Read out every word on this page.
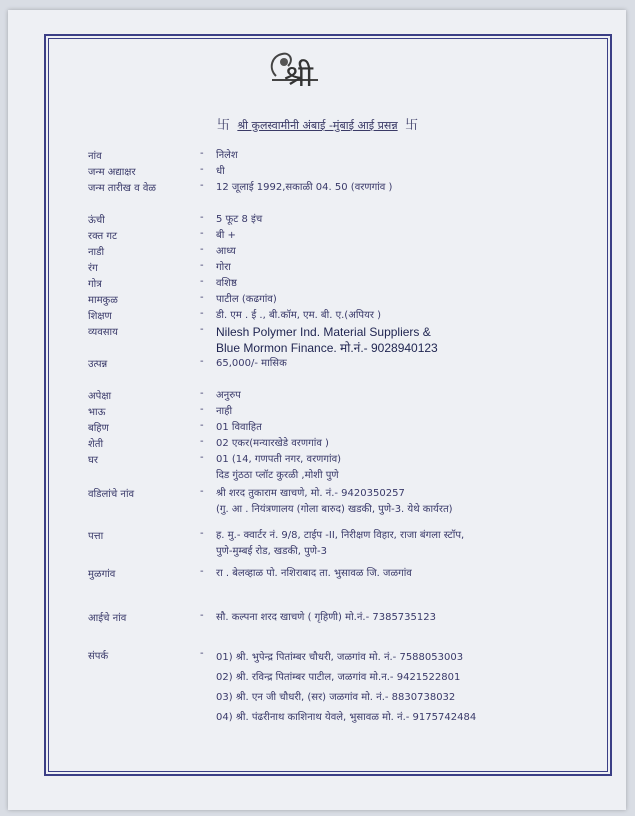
श्री
卐 श्री कुलस्वामीनी अंबाई -मुंबाई आई प्रसन्न 卐
नांव	- निलेश
जन्म अद्याक्षर	- धी
जन्म तारीख व वेळ	- 12 जूलाई 1992,सकाळी 04. 50 (वरणगांव )
ऊंची	- 5 फूट 8 इंच
रक्त गट	- बी +
नाडी	- आध्य
रंग	- गोरा
गोत्र	- वशिष्ठ
मामकुळ	- पाटील (कढगांव)
शिक्षण	- डी. एम . ई ., बी.कॉम, एम. बी. ए.(अपियर )
व्यवसाय	- Nilesh Polymer Ind. Material Suppliers &
Blue Mormon Finance. मो.नं.- 9028940123
उत्पन्न	- 65,000/- मासिक
अपेक्षा	- अनुरुप
भाऊ	- नाही
बहिण	- 01 विवाहित
शेती	- 02 एकर(मन्यारखेडे वरणगांव )
घर	- 01 (14, गणपती नगर, वरणगांव)
दिड गुंठठा प्लॉट कुरळी ,मोशी पुणे
वडिलांचे नांव	- श्री शरद तुकाराम खाचणे, मो. नं.- 9420350257
(गु. आ . नियंत्रणालय (गोला बारुद) खडकी, पुणे-3. येथे कार्यरत)
पत्ता	- ह. मु.- क्वार्टर नं. 9/8, टाईप -II, निरीक्षण विहार, राजा बंगला स्टॉप,
पुणे-मुम्बई रोड, खडकी, पुणे-3
मुळगांव	- रा . बेलव्हाळ पो. नशिराबाद ता. भुसावळ जि. जळगांव
आईचे नांव	- सौ. कल्पना शरद खाचणे ( गृहिणी) मो.नं.- 7385735123
संपर्क	- 01) श्री. भुपेन्द्र पितांम्बर चौधरी, जळगांव मो. नं.- 7588053003
02) श्री. रविन्द्र पितांम्बर पाटील, जळगांव मो.न.- 9421522801
03) श्री. एन जी चौधरी, (सर) जळगांव मो. नं.- 8830738032
04) श्री. पंढरीनाथ काशिनाथ येवले, भुसावळ मो. नं.- 9175742484
